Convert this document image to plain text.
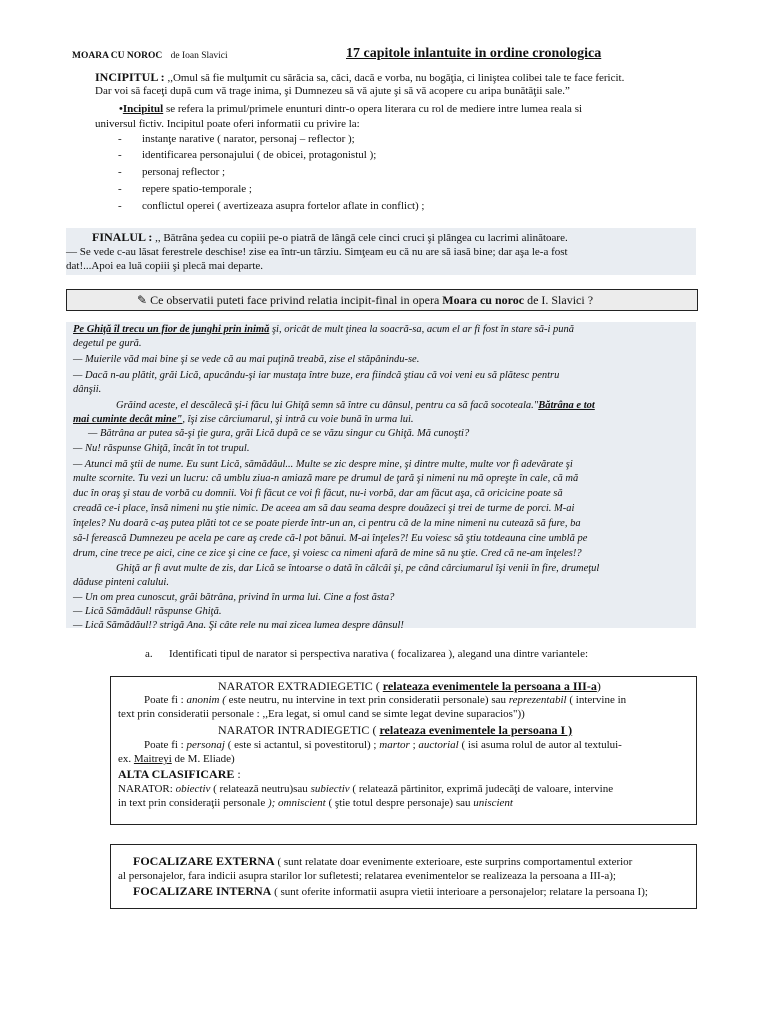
MOARA CU NOROC de Ioan Slavici	17 capitole inlantuite in ordine cronologica
INCIPITUL : ,,Omul să fie mulţumit cu sărăcia sa, căci, dacă e vorba, nu bogăţia, ci liniştea colibei tale te face fericit.
Dar voi să faceţi după cum vă trage inima, şi Dumnezeu să vă ajute şi să vă acopere cu aripa bunătăţii sale.”
•Incipitul se refera la primul/primele enunturi dintr-o opera literara cu rol de mediere intre lumea reala si
universul fictiv. Incipitul poate oferi informatii cu privire la:
- instanţe narative ( narator, personaj – reflector );
- identificarea personajului ( de obicei, protagonistul );
- personaj reflector ;
- repere spatio-temporale ;
- conflictul operei ( avertizeaza asupra fortelor aflate in conflict) ;
FINALUL : ,, Bătrâna şedea cu copiii pe-o piatră de lângă cele cinci cruci şi plângea cu lacrimi alinătoare.
— Se vede c-au lăsat ferestrele deschise! zise ea într-un târziu. Simţeam eu că nu are să iasă bine; dar aşa le-a fost
dat!...Apoi ea luă copiii şi plecă mai departe.
✎ Ce observatii puteti face privind relatia incipit-final in opera Moara cu noroc de I. Slavici ?
Pe Ghiţă îl trecu un fior de junghi prin inimă şi, oricât de mult ţinea la soacră-sa, acum el ar fi fost în stare să-i pună
degetul pe gură.
— Muierile văd mai bine şi se vede că au mai puţină treabă, zise el stăpânindu-se.
— Dacă n-au plătit, grăi Lică, apucându-şi iar mustaţa între buze, era fiindcă ştiau că voi veni eu să plătesc pentru
dânşii.
Grăind aceste, el descălecă şi-i făcu lui Ghiţă semn să între cu dânsul, pentru ca să facă socoteala."Bătrâna e tot
mai cuminte decât mine", îşi zise cârciumarul, şi intră cu voie bună în urma lui.
— Bătrâna ar putea să-şi ţie gura, grăi Lică după ce se văzu singur cu Ghiţă. Mă cunoşti?
— Nu! răspunse Ghiţă, încât în tot trupul.
— Atunci mă ştii de nume. Eu sunt Lică, sămădăul... Multe se zic despre mine, şi dintre multe, multe vor fi adevărate şi
multe scornite. Tu vezi un lucru: că umblu ziua-n amiază mare pe drumul de ţară şi nimeni nu mă opreşte în cale, că mă
duc în oraş şi stau de vorbă cu domnii. Voi fi făcut ce voi fi făcut, nu-i vorbă, dar am făcut aşa, că oricicine poate să
creadă ce-i place, însă nimeni nu ştie nimic. De aceea am să dau seama despre douăzeci şi trei de turme de porci. M-ai
înţeles? Nu doară c-aş putea plăti tot ce se poate pierde într-un an, ci pentru că de la mine nimeni nu cutează să fure, ba
să-l ferească Dumnezeu pe acela pe care aş crede că-l pot bănui. M-ai înţeles?! Eu voiesc să ştiu totdeauna cine umblă pe
drum, cine trece pe aici, cine ce zice şi cine ce face, şi voiesc ca nimeni afară de mine să nu ştie. Cred că ne-am înţeles!?
Ghiţă ar fi avut multe de zis, dar Lică se întoarse o dată în călcâi şi, pe când cârciumarul îşi venii în fire, drumeţul
dăduse pinteni calului.
— Un om prea cunoscut, grăi bătrâna, privind în urma lui. Cine a fost ăsta?
— Lică Sămădăul! răspunse Ghiţă.
— Lică Sămădăul!? strigă Ana. Şi câte rele nu mai zicea lumea despre dânsul!
a. Identificati tipul de narator si perspectiva narativa ( focalizarea ), alegand una dintre variantele:
NARATOR EXTRADIEGETIC ( relateaza evenimentele la persoana a III-a)
Poate fi : anonim ( este neutru, nu intervine in text prin consideratii personale) sau reprezentabil ( intervine in
text prin consideratii personale : ,,Era legat, si omul cand se simte legat devine suparacios"))
NARATOR INTRADIEGETIC ( relateaza evenimentele la persoana I )
Poate fi : personaj ( este si actantul, si povestitorul) ; martor ; auctorial ( isi asuma rolul de autor al textului-
ex. Maitreyi de M. Eliade)
ALTA CLASIFICARE :
NARATOR: obiectiv ( relatează neutru)sau subiectiv ( relatează părtinitor, exprimă judecăţi de valoare, intervine
in text prin consideraţii personale ); omniscient ( ştie totul despre personaje) sau uniscient
FOCALIZARE EXTERNA ( sunt relatate doar evenimente exterioare, este surprins comportamentul exterior
al personajelor, fara indicii asupra starilor lor sufletesti; relatarea evenimentelor se realizeaza la persoana a III-a);
FOCALIZARE INTERNA ( sunt oferite informatii asupra vietii interioare a personajelor; relatare la persoana I);
